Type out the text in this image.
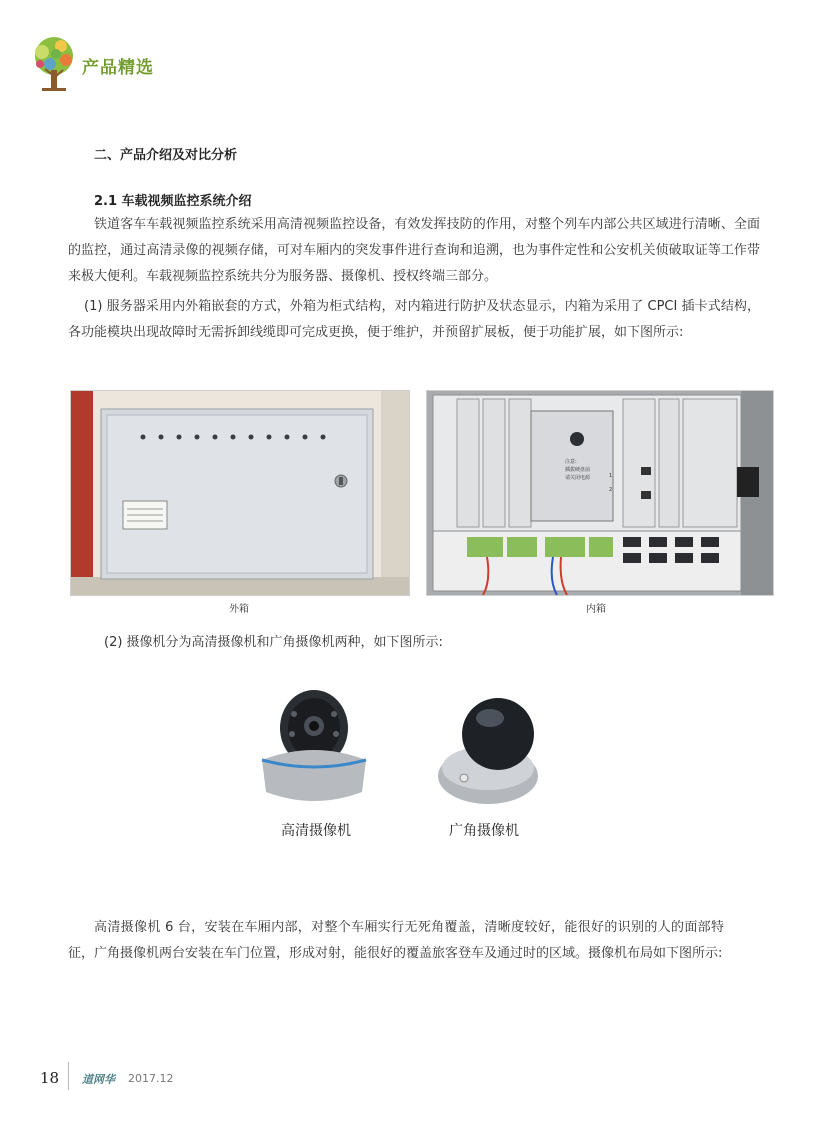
产品精选
二、产品介绍及对比分析
2.1 车载视频监控系统介绍
铁道客车车载视频监控系统采用高清视频监控设备，有效发挥技防的作用，对整个列车内部公共区域进行清晰、全面的监控，通过高清录像的视频存储，可对车厢内的突发事件进行查询和追溯，也为事件定性和公安机关侦破取证等工作带来极大便利。车载视频监控系统共分为服务器、摄像机、授权终端三部分。
(1) 服务器采用内外箱嵌套的方式，外箱为柜式结构，对内箱进行防护及状态显示，内箱为采用了 CPCI 插卡式结构，各功能模块出现故障时无需拆卸线缆即可完成更换，便于维护，并预留扩展板，便于功能扩展，如下图所示:
外箱
注意:
插拔硬盘前
请关闭电源	1
2
内箱
(2) 摄像机分为高清摄像机和广角摄像机两种，如下图所示:
高清摄像机	广角摄像机
高清摄像机 6 台，安装在车厢内部，对整个车厢实行无死角覆盖，清晰度较好，能很好的识别的人的面部特征，广角摄像机两台安装在车门位置，形成对射，能很好的覆盖旅客登车及通过时的区域。摄像机布局如下图所示:
18 道网华 2017.12
